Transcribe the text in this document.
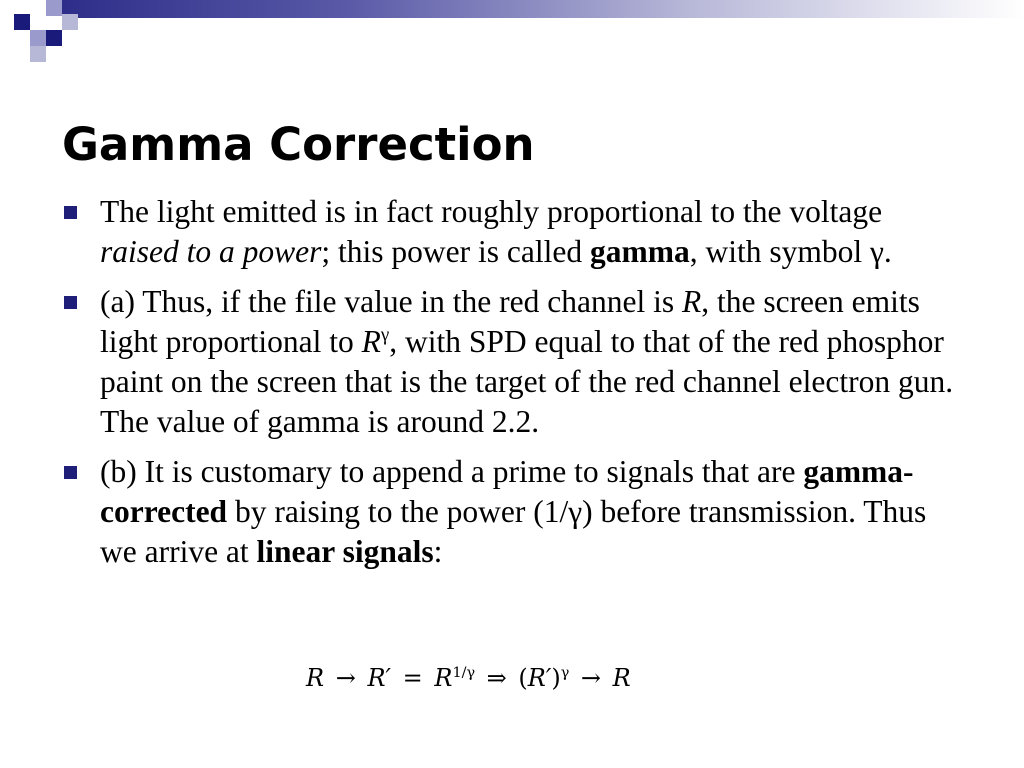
Gamma Correction
The light emitted is in fact roughly proportional to the voltage raised to a power; this power is called gamma, with symbol γ.
(a) Thus, if the file value in the red channel is R, the screen emits light proportional to $R^\gamma$, with SPD equal to that of the red phosphor paint on the screen that is the target of the red channel electron gun. The value of gamma is around 2.2.
(b) It is customary to append a prime to signals that are gamma-corrected by raising to the power (1/γ) before transmission. Thus we arrive at linear signals:
$R \to R' = R^{1/\gamma}$ ⇒ $(R')^\gamma \to R$
